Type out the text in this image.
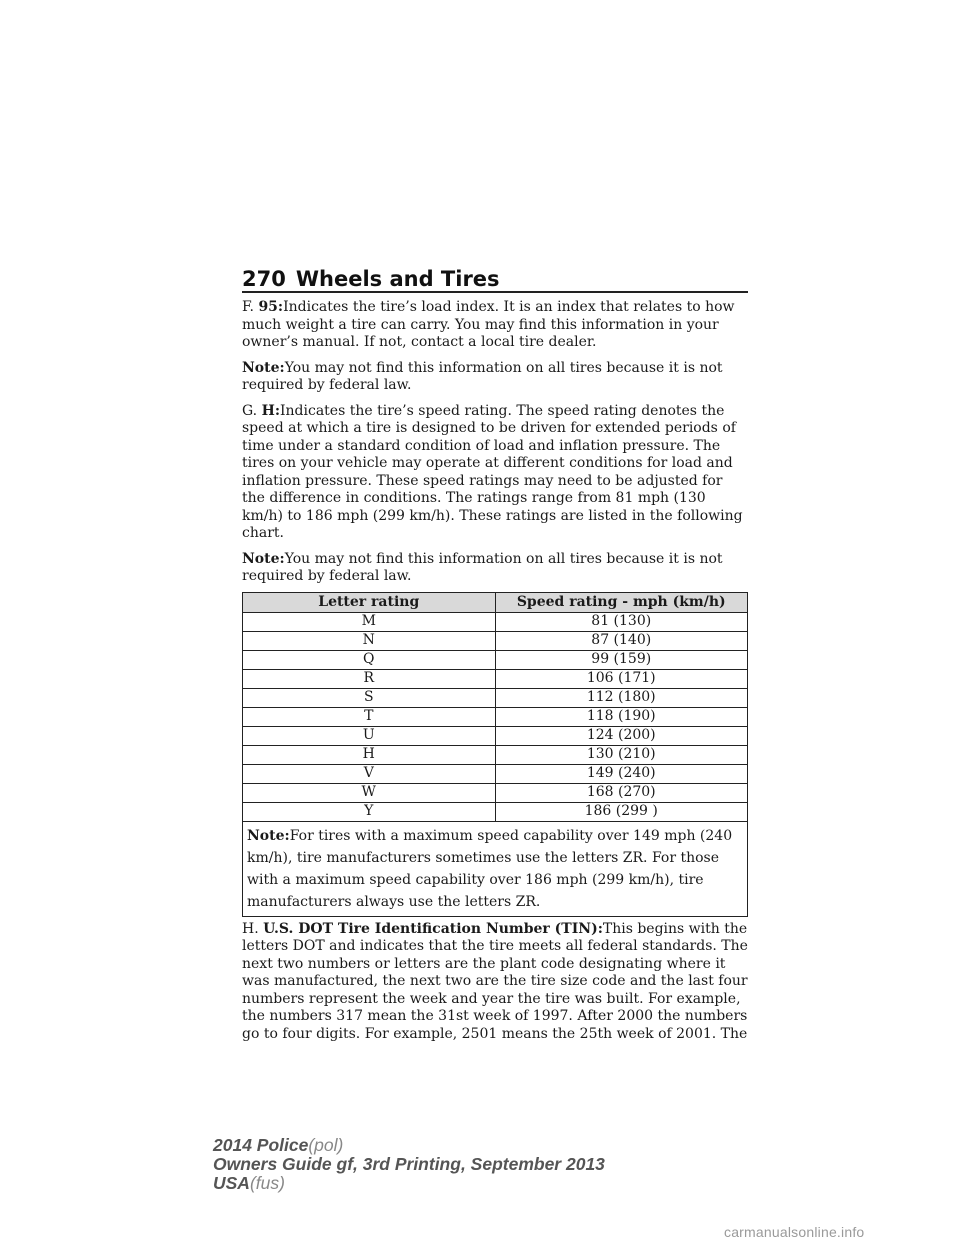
270 Wheels and Tires

F. 95:Indicates the tire’s load index. It is an index that relates to how much weight a tire can carry. You may find this information in your owner’s manual. If not, contact a local tire dealer.

Note:You may not find this information on all tires because it is not required by federal law.

G. H:Indicates the tire’s speed rating. The speed rating denotes the speed at which a tire is designed to be driven for extended periods of time under a standard condition of load and inflation pressure. The tires on your vehicle may operate at different conditions for load and inflation pressure. These speed ratings may need to be adjusted for the difference in conditions. The ratings range from 81 mph (130 km/h) to 186 mph (299 km/h). These ratings are listed in the following chart.

Note:You may not find this information on all tires because it is not required by federal law.

Letter rating	Speed rating - mph (km/h)
M	81 (130)
N	87 (140)
Q	99 (159)
R	106 (171)
S	112 (180)
T	118 (190)
U	124 (200)
H	130 (210)
V	149 (240)
W	168 (270)
Y	186 (299 )
Note:For tires with a maximum speed capability over 149 mph (240 km/h), tire manufacturers sometimes use the letters ZR. For those with a maximum speed capability over 186 mph (299 km/h), tire manufacturers always use the letters ZR.	

H. U.S. DOT Tire Identification Number (TIN):This begins with the letters DOT and indicates that the tire meets all federal standards. The next two numbers or letters are the plant code designating where it was manufactured, the next two are the tire size code and the last four numbers represent the week and year the tire was built. For example, the numbers 317 mean the 31st week of 1997. After 2000 the numbers go to four digits. For example, 2501 means the 25th week of 2001. The

2014 Police(pol)
Owners Guide gf, 3rd Printing, September 2013
USA(fus)
carmanualsonline.info
